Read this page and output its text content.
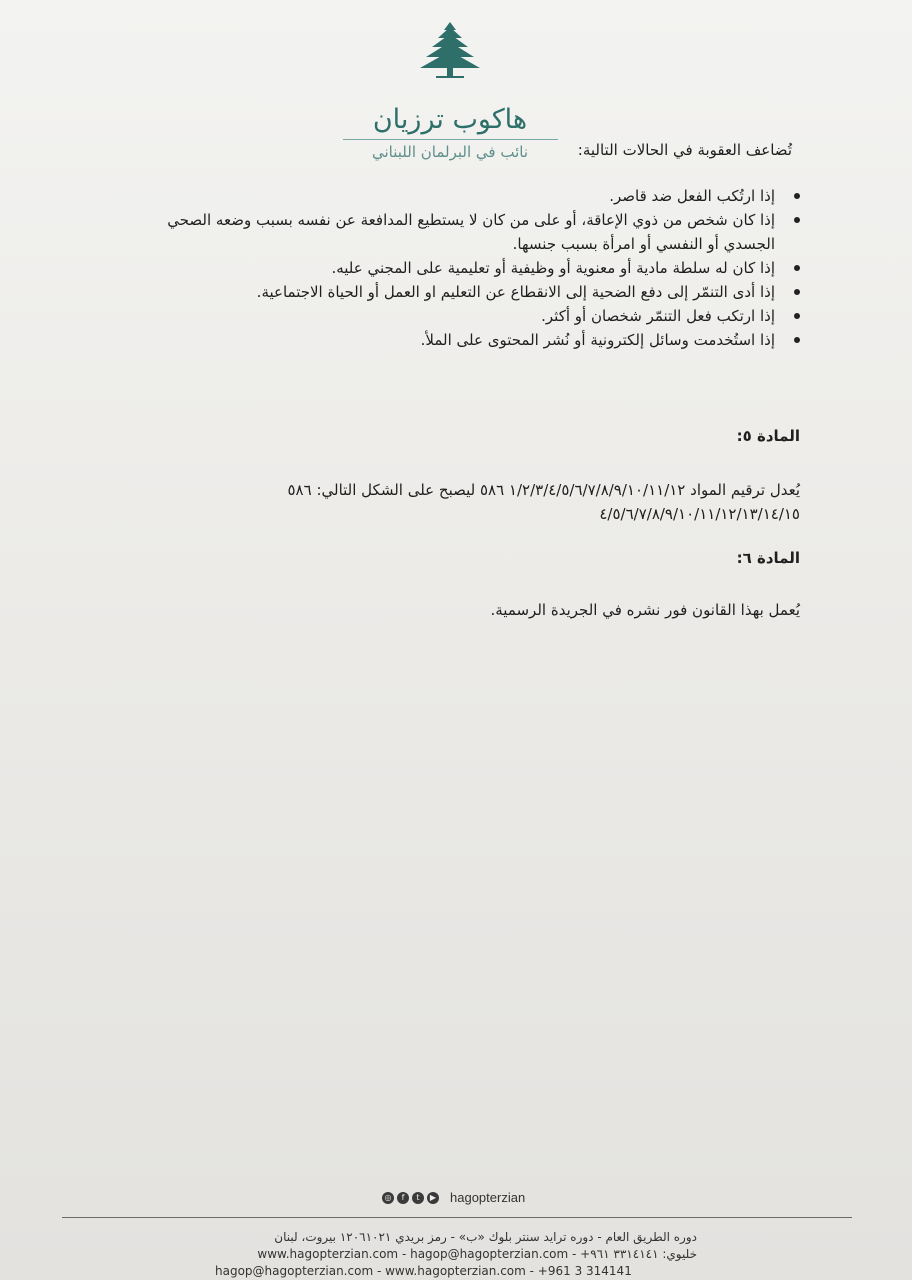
هاكوب ترزيان
نائب في البرلمان اللبناني	تُضاعف العقوبة في الحالات التالية:
إذا ارتُكب الفعل ضد قاصر.
إذا كان شخص من ذوي الإعاقة، أو على من كان لا يستطيع المدافعة عن نفسه بسبب وضعه الصحي الجسدي أو النفسي أو امرأة بسبب جنسها.
إذا كان له سلطة مادية أو معنوية أو وظيفية أو تعليمية على المجني عليه.
إذا أدى التنمّر إلى دفع الضحية إلى الانقطاع عن التعليم او العمل أو الحياة الاجتماعية.
إذا ارتكب فعل التنمّر شخصان أو أكثر.
إذا استُخدمت وسائل إلكترونية أو نُشر المحتوى على الملأ.
المادة ٥:
يُعدل ترقيم المواد ١/٢/٣/٤/٥/٦/٧/٨/٩/١٠/١١/١٢ ٥٨٦ ليصبح على الشكل التالي: ٥٨٦ ٤/٥/٦/٧/٨/٩/١٠/١١/١٢/١٣/١٤/١٥
المادة ٦:
يُعمل بهذا القانون فور نشره في الجريدة الرسمية.
◎	f	t	▶ hagopterzian
دوره الطريق العام - دوره ترايد سنتر بلوك «ب» - رمز بريدي ١٢٠٦١٠٢١ بيروت، لبنان
خليوي: ٣٣١٤١٤١ ٩٦١+ - www.hagopterzian.com - hagop@hagopterzian.com
hagop@hagopterzian.com - www.hagopterzian.com - +961 3 314141
